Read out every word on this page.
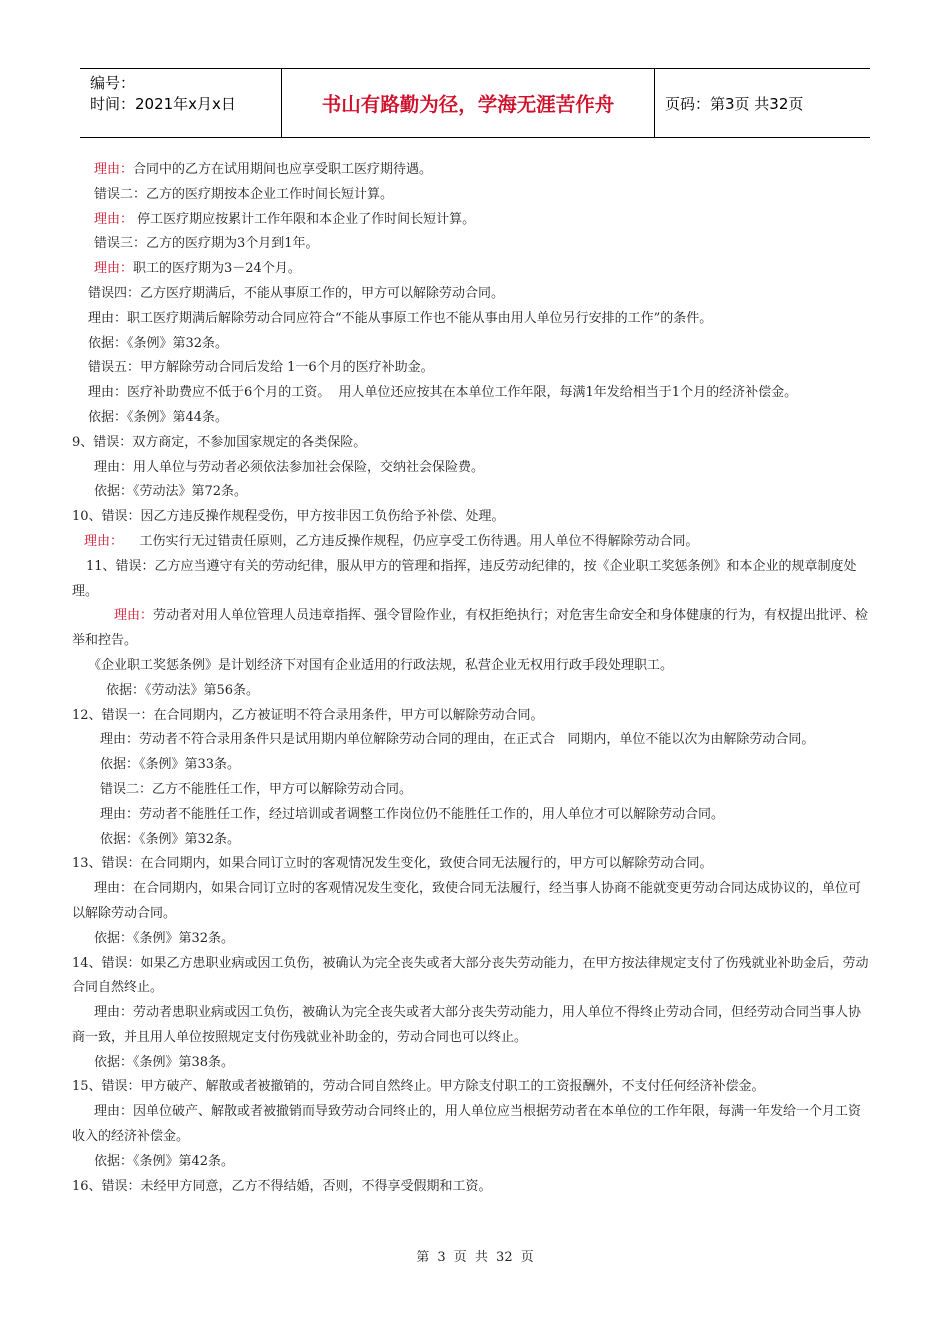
编号：
时间：2021年x月x日	书山有路勤为径，学海无涯苦作舟	页码：第3页 共32页
理由：合同中的乙方在试用期间也应享受职工医疗期待遇。
错误二：乙方的医疗期按本企业工作时间长短计算。
理由： 停工医疗期应按累计工作年限和本企业了作时间长短计算。
错误三：乙方的医疗期为3个月到1年。
理由：职工的医疗期为3－24个月。
错误四：乙方医疗期满后，不能从事原工作的，甲方可以解除劳动合同。
理由：职工医疗期满后解除劳动合同应符合“不能从事原工作也不能从事由用人单位另行安排的工作”的条件。
依据：《条例》第32条。
错误五：甲方解除劳动合同后发给 1一6个月的医疗补助金。
理由：医疗补助费应不低于6个月的工资。  用人单位还应按其在本单位工作年限，每满1年发给相当于1个月的经济补偿金。
依据：《条例》第44条。
9、错误：双方商定，不参加国家规定的各类保险。
理由：用人单位与劳动者必须依法参加社会保险，交纳社会保险费。
依据：《劳动法》第72条。
10、错误：因乙方违反操作规程受伤，甲方按非因工负伤给予补偿、处理。
理由：    工伤实行无过错责任原则，乙方违反操作规程，仍应享受工伤待遇。用人单位不得解除劳动合同。
11、错误：乙方应当遵守有关的劳动纪律，服从甲方的管理和指挥，违反劳动纪律的，按《企业职工奖惩条例》和本企业的规章制度处理。
理由：劳动者对用人单位管理人员违章指挥、强令冒险作业，有权拒绝执行；对危害生命安全和身体健康的行为，有权提出批评、检举和控告。
《企业职工奖惩条例》是计划经济下对国有企业适用的行政法规，私营企业无权用行政手段处理职工。
依据：《劳动法》第56条。
12、错误一：在合同期内，乙方被证明不符合录用条件，甲方可以解除劳动合同。
理由：劳动者不符合录用条件只是试用期内单位解除劳动合同的理由，在正式合   同期内，单位不能以次为由解除劳动合同。
依据：《条例》第33条。
错误二：乙方不能胜任工作，甲方可以解除劳动合同。
理由：劳动者不能胜任工作，经过培训或者调整工作岗位仍不能胜任工作的，用人单位才可以解除劳动合同。
依据：《条例》第32条。
13、错误：在合同期内，如果合同订立时的客观情况发生变化，致使合同无法履行的，甲方可以解除劳动合同。
理由：在合同期内，如果合同订立时的客观情况发生变化，致使合同无法履行，经当事人协商不能就变更劳动合同达成协议的，单位可以解除劳动合同。
依据：《条例》第32条。
14、错误：如果乙方患职业病或因工负伤，被确认为完全丧失或者大部分丧失劳动能力，在甲方按法律规定支付了伤残就业补助金后，劳动合同自然终止。
理由：劳动者患职业病或因工负伤，被确认为完全丧失或者大部分丧失劳动能力，用人单位不得终止劳动合同，但经劳动合同当事人协商一致，并且用人单位按照规定支付伤残就业补助金的，劳动合同也可以终止。
依据：《条例》第38条。
15、错误：甲方破产、解散或者被撤销的，劳动合同自然终止。甲方除支付职工的工资报酬外，不支付任何经济补偿金。
理由：因单位破产、解散或者被撤销而导致劳动合同终止的，用人单位应当根据劳动者在本单位的工作年限，每满一年发给一个月工资收入的经济补偿金。
依据：《条例》第42条。
16、错误：未经甲方同意，乙方不得结婚，否则，不得享受假期和工资。
第 3 页 共 32 页
